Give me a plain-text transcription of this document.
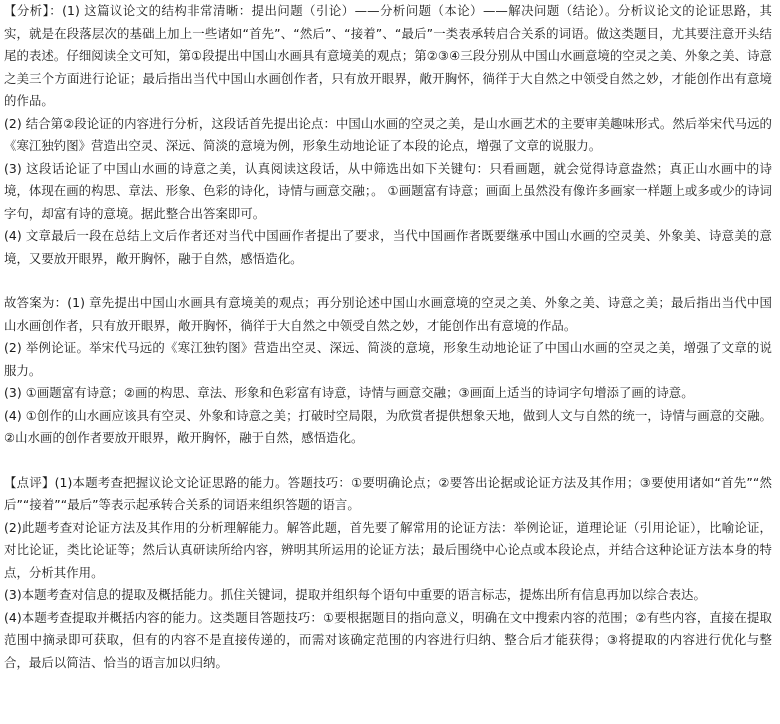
【分析】：(1) 这篇议论文的结构非常清晰：提出问题（引论）——分析问题（本论）——解决问题（结论）。分析议论文的论证思路，其实，就是在段落层次的基础上加上一些诸如“首先”、“然后”、“接着”、“最后”一类表承转启合关系的词语。做这类题目，尤其要注意开头结尾的表述。仔细阅读全文可知，第①段提出中国山水画具有意境美的观点；第②③④三段分别从中国山水画意境的空灵之美、外象之美、诗意之美三个方面进行论证；最后指出当代中国山水画创作者，只有放开眼界，敞开胸怀，徜徉于大自然之中领受自然之妙，才能创作出有意境的作品。

(2) 结合第②段论证的内容进行分析，这段话首先提出论点：中国山水画的空灵之美，是山水画艺术的主要审美趣味形式。然后举宋代马远的《寒江独钓图》营造出空灵、深远、简淡的意境为例，形象生动地论证了本段的论点，增强了文章的说服力。

(3) 这段话论证了中国山水画的诗意之美，认真阅读这段话，从中筛选出如下关键句：只看画题，就会觉得诗意盎然；真正山水画中的诗境，体现在画的构思、章法、形象、色彩的诗化，诗情与画意交融；。 ①画题富有诗意；画面上虽然没有像许多画家一样题上或多或少的诗词字句，却富有诗的意境。据此整合出答案即可。

(4) 文章最后一段在总结上文后作者还对当代中国画作者提出了要求，当代中国画作者既要继承中国山水画的空灵美、外象美、诗意美的意境，又要放开眼界，敞开胸怀，融于自然，感悟造化。

故答案为：(1) 章先提出中国山水画具有意境美的观点；再分别论述中国山水画意境的空灵之美、外象之美、诗意之美；最后指出当代中国山水画创作者，只有放开眼界，敞开胸怀，徜徉于大自然之中领受自然之妙，才能创作出有意境的作品。

(2) 举例论证。举宋代马远的《寒江独钓图》营造出空灵、深远、简淡的意境，形象生动地论证了中国山水画的空灵之美，增强了文章的说服力。

(3) ①画题富有诗意；②画的构思、章法、形象和色彩富有诗意，诗情与画意交融；③画面上适当的诗词字句增添了画的诗意。

(4) ①创作的山水画应该具有空灵、外象和诗意之美；打破时空局限，为欣赏者提供想象天地，做到人文与自然的统一，诗情与画意的交融。②山水画的创作者要放开眼界，敞开胸怀，融于自然，感悟造化。

【点评】(1)本题考查把握议论文论证思路的能力。答题技巧：①要明确论点；②要答出论据或论证方法及其作用；③要使用诸如“首先”“然后”“接着”“最后”等表示起承转合关系的词语来组织答题的语言。

(2)此题考查对论证方法及其作用的分析理解能力。解答此题，首先要了解常用的论证方法：举例论证，道理论证（引用论证），比喻论证，对比论证，类比论证等；然后认真研读所给内容，辨明其所运用的论证方法；最后围绕中心论点或本段论点，并结合这种论证方法本身的特点，分析其作用。

(3)本题考查对信息的提取及概括能力。抓住关键词，提取并组织每个语句中重要的语言标志，提炼出所有信息再加以综合表达。

(4)本题考查提取并概括内容的能力。这类题目答题技巧：①要根据题目的指向意义，明确在文中搜索内容的范围；②有些内容，直接在提取范围中摘录即可获取，但有的内容不是直接传递的，而需对该确定范围的内容进行归纳、整合后才能获得；③将提取的内容进行优化与整合，最后以简洁、恰当的语言加以归纳。
